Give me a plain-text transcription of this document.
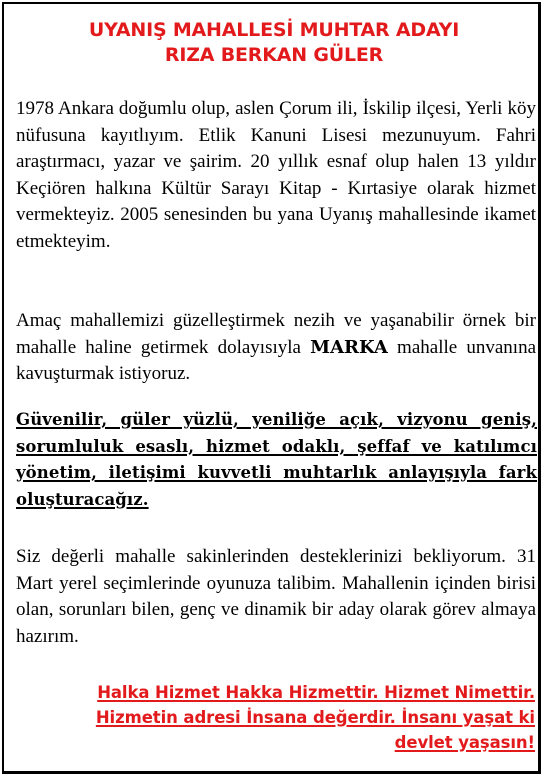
UYANIŞ MAHALLESİ MUHTAR ADAYI
RIZA BERKAN GÜLER

1978 Ankara doğumlu olup, aslen Çorum ili, İskilip ilçesi, Yerli köy nüfusuna kayıtlıyım. Etlik Kanuni Lisesi mezunuyum. Fahri araştırmacı, yazar ve şairim. 20 yıllık esnaf olup halen 13 yıldır Keçiören halkına Kültür Sarayı Kitap - Kırtasiye olarak hizmet vermekteyiz. 2005 senesinden bu yana Uyanış mahallesinde ikamet etmekteyim.

Amaç mahallemizi güzelleştirmek nezih ve yaşanabilir örnek bir mahalle haline getirmek dolayısıyla MARKA mahalle unvanına kavuşturmak istiyoruz.

Güvenilir, güler yüzlü, yeniliğe açık, vizyonu geniş, sorumluluk esaslı, hizmet odaklı, şeffaf ve katılımcı yönetim, iletişimi kuvvetli muhtarlık anlayışıyla fark oluşturacağız.

Siz değerli mahalle sakinlerinden desteklerinizi bekliyorum. 31 Mart yerel seçimlerinde oyunuza talibim. Mahallenin içinden birisi olan, sorunları bilen, genç ve dinamik bir aday olarak görev almaya hazırım.

Halka Hizmet Hakka Hizmettir. Hizmet Nimettir.
Hizmetin adresi İnsana değerdir. İnsanı yaşat ki
devlet yaşasın!
